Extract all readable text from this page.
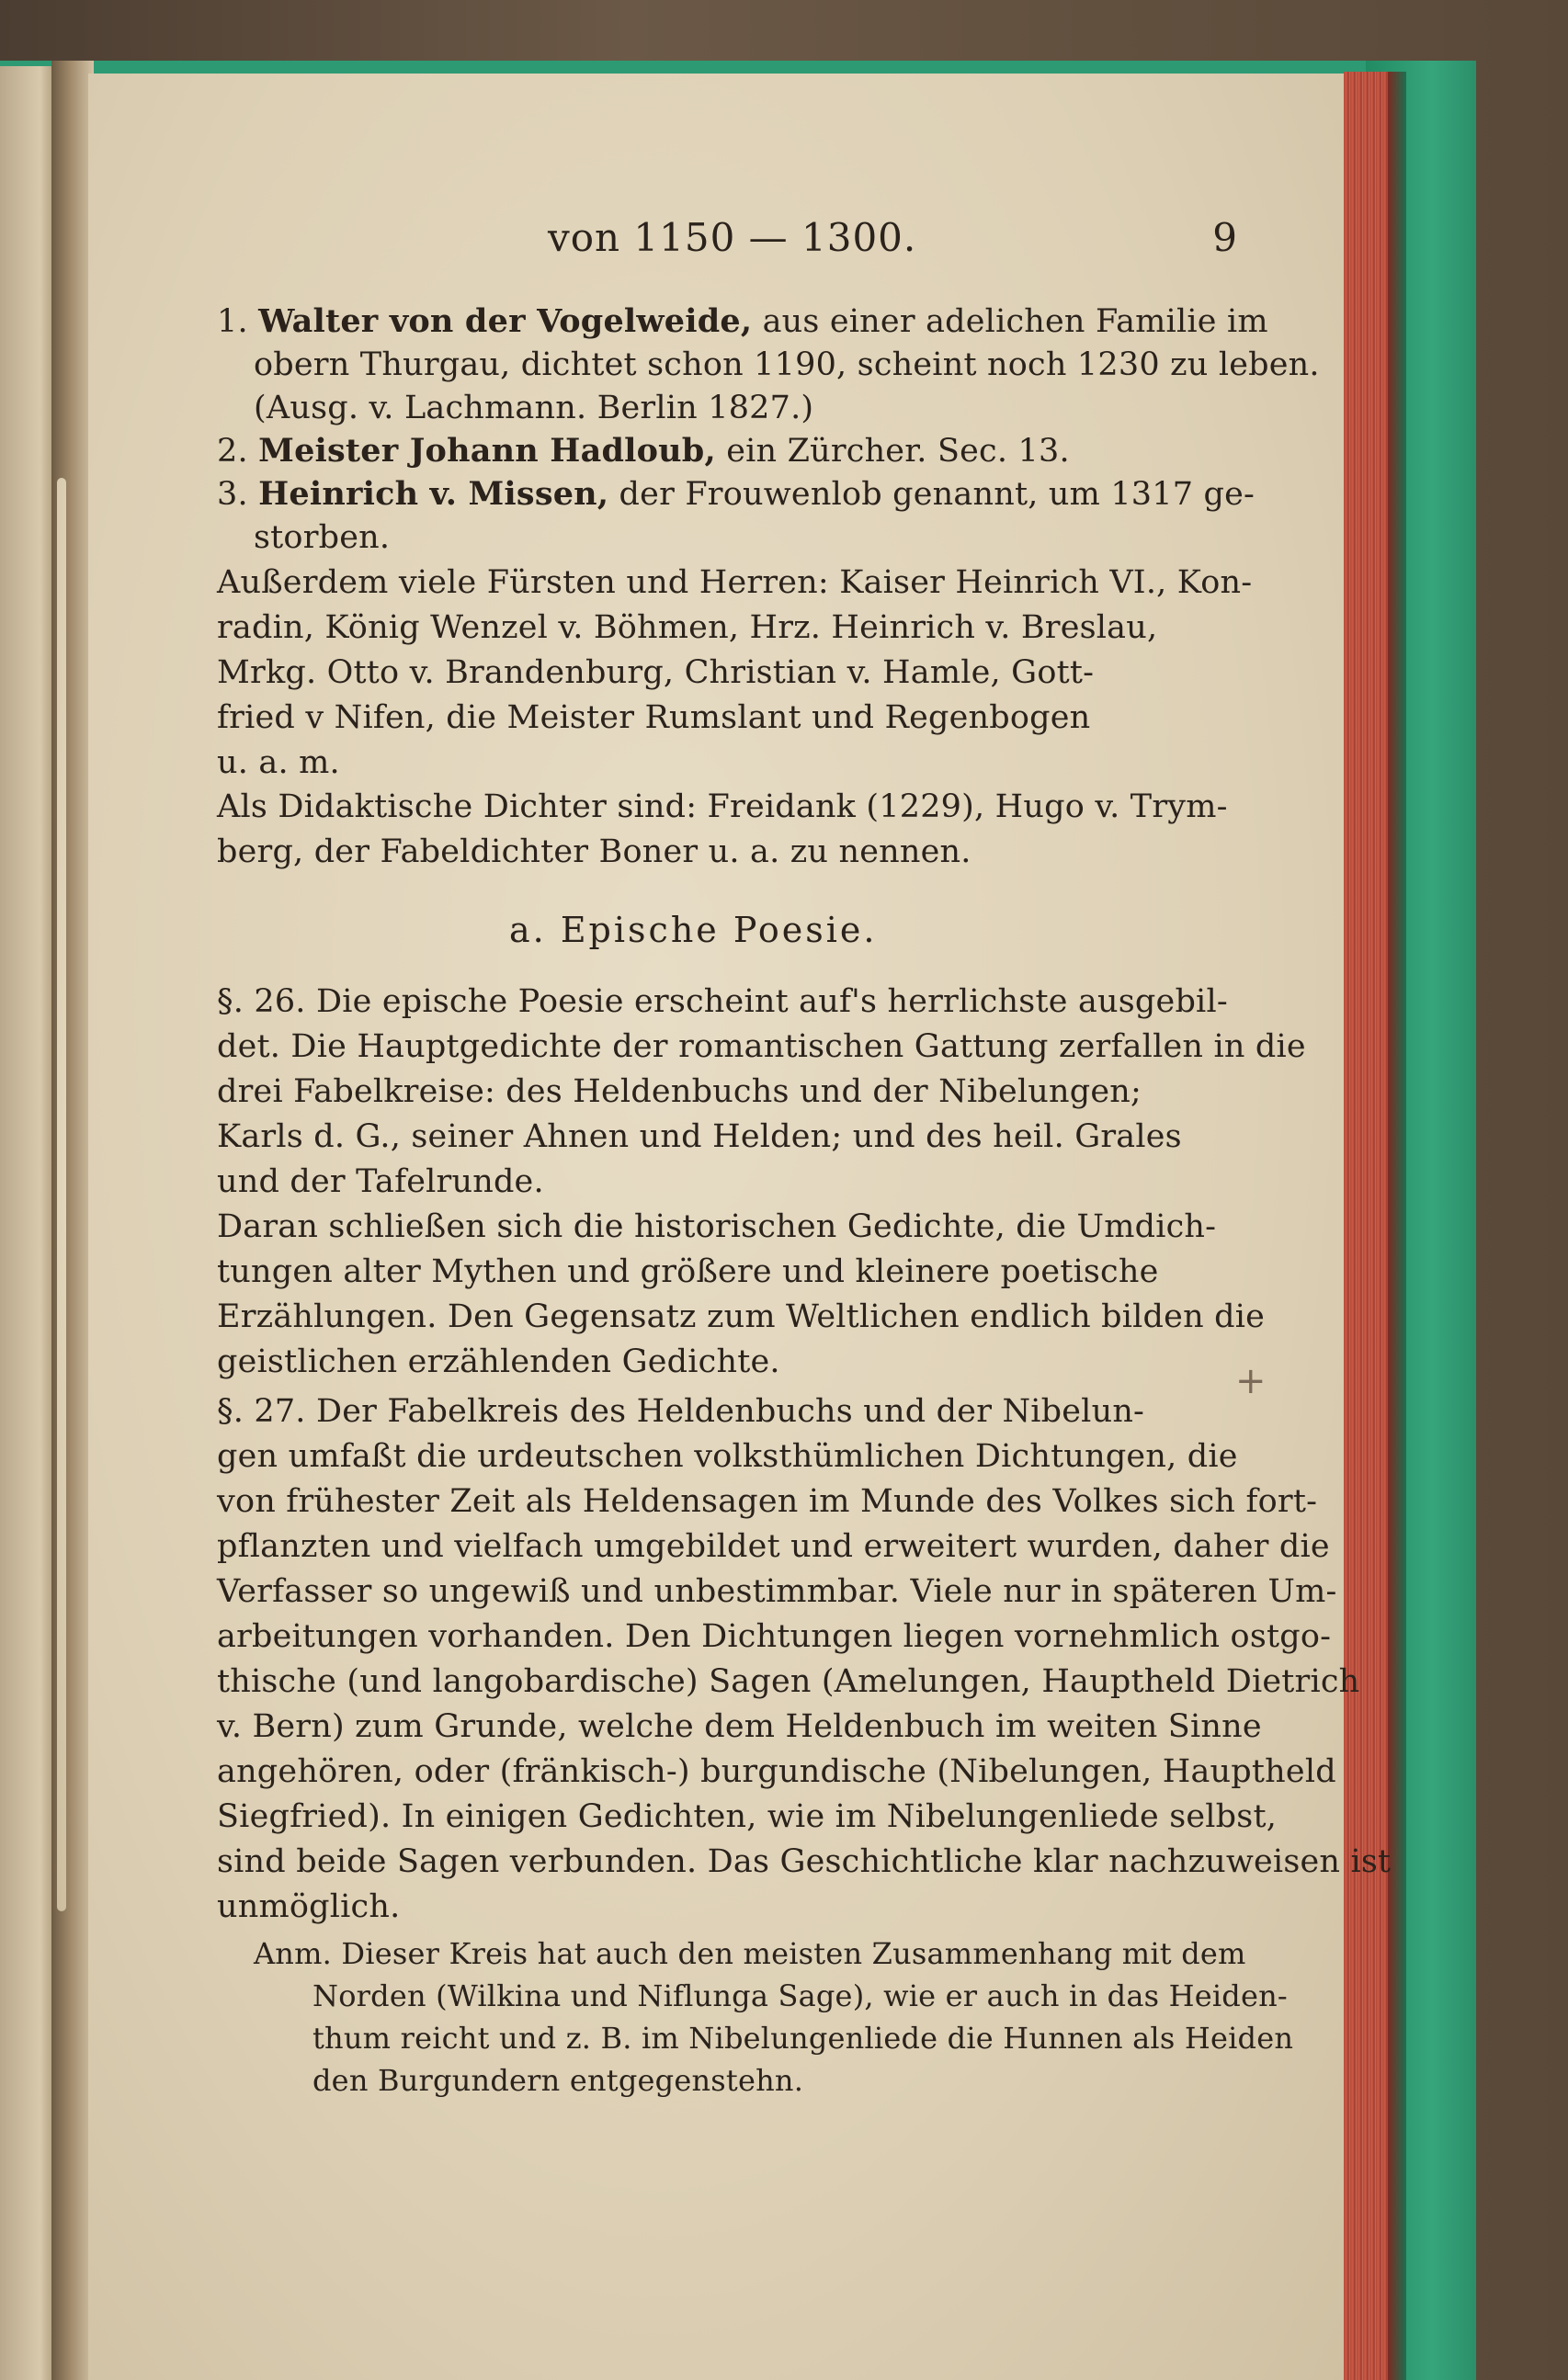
von 1150 — 1300.	9
1. Walter von der Vogelweide, aus einer adelichen Familie im
obern Thurgau, dichtet schon 1190, scheint noch 1230 zu leben.
(Ausg. v. Lachmann. Berlin 1827.)
2. Meister Johann Hadloub, ein Zürcher. Sec. 13.
3. Heinrich v. Missen, der Frouwenlob genannt, um 1317 ge-
storben.
Außerdem viele Fürsten und Herren: Kaiser Heinrich VI., Kon-
radin, König Wenzel v. Böhmen, Hrz. Heinrich v. Breslau,
Mrkg. Otto v. Brandenburg, Christian v. Hamle, Gott-
fried v Nifen, die Meister Rumslant und Regenbogen
u. a. m.
Als Didaktische Dichter sind: Freidank (1229), Hugo v. Trym-
berg, der Fabeldichter Boner u. a. zu nennen.
a. Epische Poesie.
§. 26. Die epische Poesie erscheint auf's herrlichste ausgebil-
det. Die Hauptgedichte der romantischen Gattung zerfallen in die
drei Fabelkreise: des Heldenbuchs und der Nibelungen;
Karls d. G., seiner Ahnen und Helden; und des heil. Grales
und der Tafelrunde.
Daran schließen sich die historischen Gedichte, die Umdich-
tungen alter Mythen und größere und kleinere poetische
Erzählungen. Den Gegensatz zum Weltlichen endlich bilden die
geistlichen erzählenden Gedichte.
§. 27. Der Fabelkreis des Heldenbuchs und der Nibelun-
gen umfaßt die urdeutschen volksthümlichen Dichtungen, die
von frühester Zeit als Heldensagen im Munde des Volkes sich fort-
pflanzten und vielfach umgebildet und erweitert wurden, daher die
Verfasser so ungewiß und unbestimmbar. Viele nur in späteren Um-
arbeitungen vorhanden. Den Dichtungen liegen vornehmlich ostgo-
thische (und langobardische) Sagen (Amelungen, Hauptheld Dietrich
v. Bern) zum Grunde, welche dem Heldenbuch im weiten Sinne
angehören, oder (fränkisch-) burgundische (Nibelungen, Hauptheld
Siegfried). In einigen Gedichten, wie im Nibelungenliede selbst,
sind beide Sagen verbunden. Das Geschichtliche klar nachzuweisen ist
unmöglich.
Anm. Dieser Kreis hat auch den meisten Zusammenhang mit dem
Norden (Wilkina und Niflunga Sage), wie er auch in das Heiden-
thum reicht und z. B. im Nibelungenliede die Hunnen als Heiden
den Burgundern entgegenstehn.
+
